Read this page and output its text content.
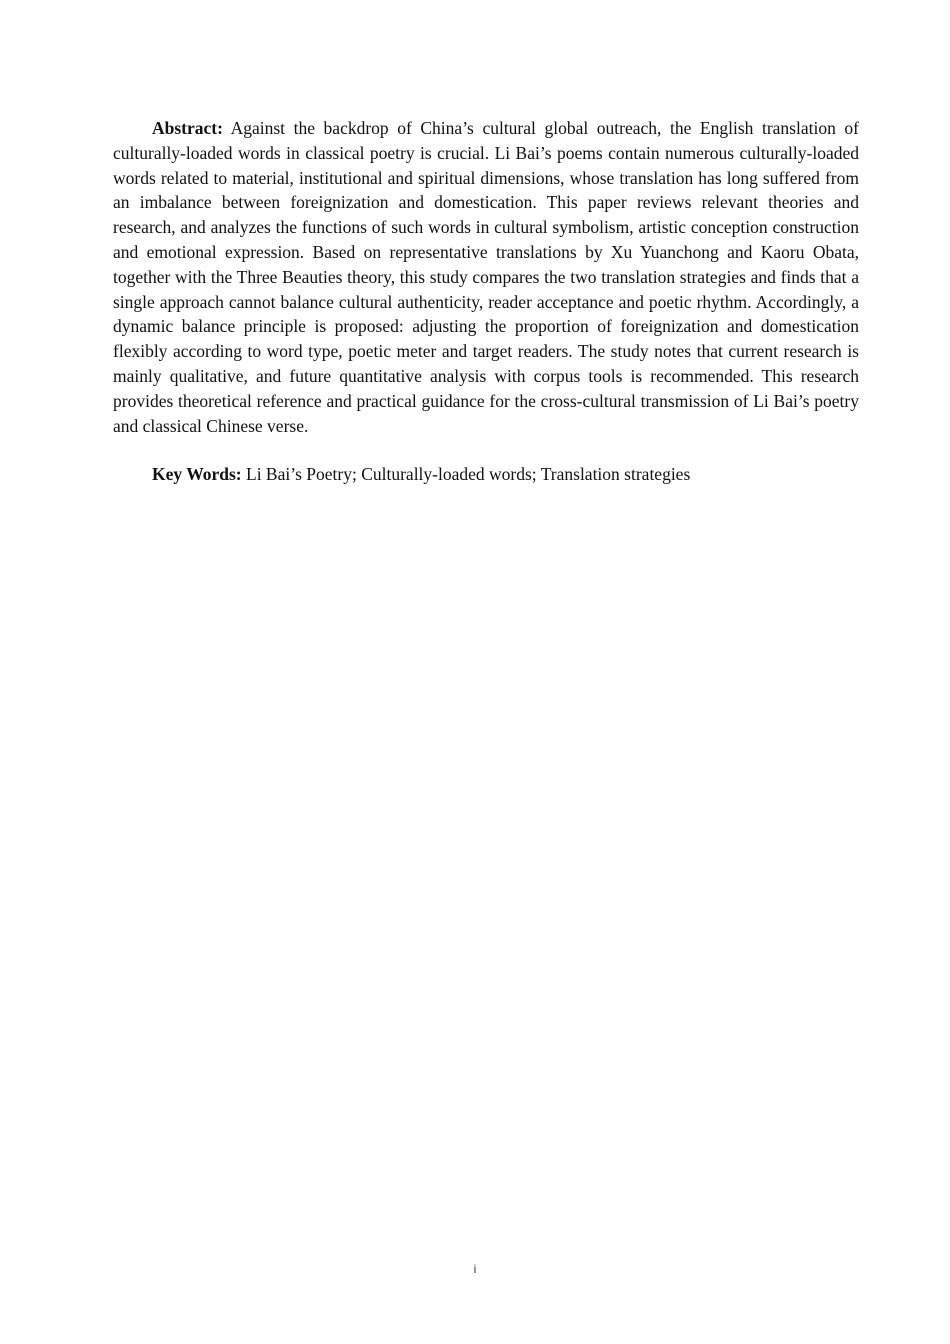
Abstract: Against the backdrop of China’s cultural global outreach, the English translation of culturally-loaded words in classical poetry is crucial. Li Bai’s poems contain numerous culturally-loaded words related to material, institutional and spiritual dimensions, whose translation has long suffered from an imbalance between foreignization and domestication. This paper reviews relevant theories and research, and analyzes the functions of such words in cultural symbolism, artistic conception construction and emotional expression. Based on representative translations by Xu Yuanchong and Kaoru Obata, together with the Three Beauties theory, this study compares the two translation strategies and finds that a single approach cannot balance cultural authenticity, reader acceptance and poetic rhythm. Accordingly, a dynamic balance principle is proposed: adjusting the proportion of foreignization and domestication flexibly according to word type, poetic meter and target readers. The study notes that current research is mainly qualitative, and future quantitative analysis with corpus tools is recommended. This research provides theoretical reference and practical guidance for the cross-cultural transmission of Li Bai’s poetry and classical Chinese verse.

Key Words: Li Bai’s Poetry; Culturally-loaded words; Translation strategies

i
